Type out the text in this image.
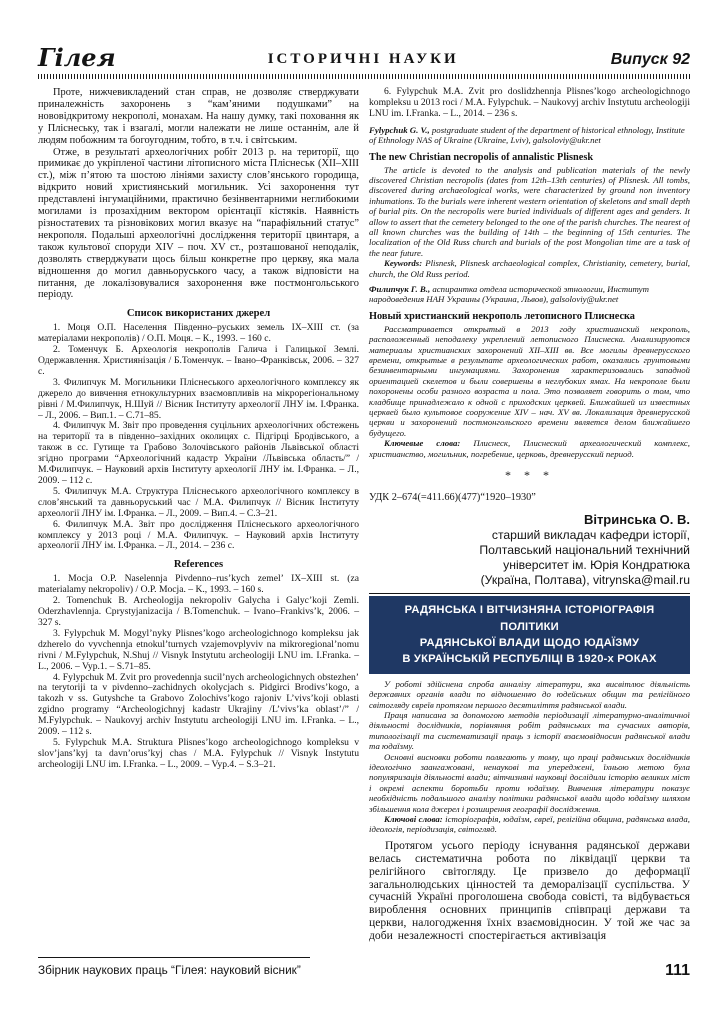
Гілея	ІСТОРИЧНІ НАУКИ	Випуск 92

Проте, нижчевикладений стан справ, не дозволяє стверджувати приналежність захоронень з “кам’яними подушками” на нововідкритому некрополі, монахам. На нашу думку, такі поховання як у Пліснеську, так і взагалі, могли належати не лише останнім, але й людям побожним та богоугодним, тобто, в т.ч. і світським.

Отже, в результаті археологічних робіт 2013 р. на території, що примикає до укріпленої частини літописного міста Пліснеськ (XII–XIII ст.), між п’ятою та шостою лініями захисту слов’янського городища, відкрито новий християнський могильник. Усі захоронення тут представлені інгумаційними, практично безінвентарними неглибокими могилами із прозахідним вектором орієнтації кістяків. Наявність різностатевих та різновікових могил вказує на “парафіяльний статус” некрополя. Подальші археологічні дослідження території цвинтаря, а також культової споруди XIV – поч. XV ст., розташованої неподалік, дозволять стверджувати щось більш конкретне про церкву, яка мала відношення до могил давньоруського часу, а також відповісти на питання, де локалізовувалися захоронення вже постмонгольського періоду.

Список використаних джерел

1. Моця О.П. Населення Південно–руських земель IX–XIII ст. (за матеріалами некрополів) / О.П. Моця. – К., 1993. – 160 с.

2. Томенчук Б. Археологія некрополів Галича і Галицької Землі. Одержавлення. Християнізація / Б.Томенчук. – Івано–Франківськ, 2006. – 327 с.

3. Филипчук М. Могильники Пліснеського археологічного комплексу як джерело до вивчення етнокультурних взаємовпливів на мікрорегіональному рівні / М.Филипчук, Н.Шуй // Вісник Інституту археології ЛНУ ім. І.Франка. – Л., 2006. – Вип.1. – С.71–85.

4. Филипчук М. Звіт про проведення суцільних археологічних обстежень на території та в південно–західних околицях с. Підгірці Бродівського, а також в сс. Гутище та Грабово Золочівського районів Львівської області згідно програми “Археологічний кадастр України /Львівська область/” / М.Филипчук. – Науковий архів Інституту археології ЛНУ ім. І.Франка. – Л., 2009. – 112 с.

5. Филипчук М.А. Структура Пліснеського археологічного комплексу в слов’янський та давньоруський час / М.А. Филипчук // Вісник Інституту археології ЛНУ ім. І.Франка. – Л., 2009. – Вип.4. – С.3–21.

6. Филипчук М.А. Звіт про дослідження Пліснеського археологічного комплексу у 2013 році / М.А. Филипчук. – Науковий архів Інституту археології ЛНУ ім. І.Франка. – Л., 2014. – 236 с.

References

1. Mocja O.P. Naselennja Pivdenno–rus’kych zemel’ IX–XIII st. (za materialamy nekropoliv) / O.P. Mocja. – K., 1993. – 160 s.

2. Tomenchuk B. Archeologija nekropoliv Galycha i Galyc’koji Zemli. Oderzhavlennja. Cprystyjanizacija / B.Tomenchuk. – Ivano–Frankivs’k, 2006. – 327 s.

3. Fylypchuk M. Mogyl’nyky Plisnes’kogo archeologichnogo kompleksu jak dzherelo do vyvchennja etnokul’turnych vzajemovplyviv na mikroregional’nomu rivni / M.Fylypchuk, N.Shuj // Visnyk Instytutu archeologiji LNU im. I.Franka. – L., 2006. – Vyp.1. – S.71–85.

4. Fylypchuk M. Zvit pro provedennja sucil’nych archeologichnych obstezhen’ na terytoriji ta v pivdenno–zachidnych okolycjach s. Pidgirci Brodivs’kogo, a takozh v ss. Gutyshche ta Grabovo Zolochivs’kogo rajoniv L’vivs’koji oblasti zgidno programy “Archeologichnyj kadastr Ukrajiny /L’vivs’ka oblast’/” / M.Fylypchuk. – Naukovyj archiv Instytutu archeologiji LNU im. I.Franka. – L., 2009. – 112 s.

5. Fylypchuk M.A. Struktura Plisnes’kogo archeologichnogo kompleksu v slov’jans’kyj ta davn’orus’kyj chas / M.A. Fylypchuk // Visnyk Instytutu archeologiji LNU im. I.Franka. – L., 2009. – Vyp.4. – S.3–21.

6. Fylypchuk M.A. Zvit pro doslidzhennja Plisnes’kogo archeologichnogo kompleksu u 2013 roci / M.A. Fylypchuk. – Naukovyj archiv Instytutu archeologiji LNU im. I.Franka. – L., 2014. – 236 s.

Fylypchuk G. V., postgraduate student of the department of historical ethnology, Institute of Ethnology NAS of Ukraine (Ukraine, Lviv), galsoloviy@ukr.net
The new Christian necropolis of annalistic Plisnesk

The article is devoted to the analysis and publication materials of the newly discovered Christian necropolis (dates from 12th–13th centuries) of Plisnesk. All tombs, discovered during archaeological works, were characterized by ground non inventory inhumations. To the burials were inherent western orientation of skeletons and small depth of burial pits. On the necropolis were buried individuals of different ages and genders. It allow to assert that the cemetery belonged to the one of the parish churches. The nearest of all known churches was the building of 14th – the beginning of 15th centuries. The localization of the Old Russ church and burials of the post Mongolian time are a task of the near future.

Keywords: Plisnesk, Plisnesk archaeological complex, Christianity, cemetery, burial, church, the Old Russ period.

Филипчук Г. В., аспирантка отдела исторической этнологии, Институт народоведения НАН Украины (Украина, Львов), galsoloviy@ukr.net
Новый христианский некрополь летописного Плиснеска

Рассматривается открытый в 2013 году христианский некрополь, расположенный неподалеку укреплений летописного Плиснеска. Анализируются материалы христианских захоронений XII–XIII вв. Все могилы древнерусского времени, открытые в результате археологических работ, оказались грунтовыми безинвентарными ингумациями. Захоронения характеризовались западной ориентацией скелетов и были совершены в неглубоких ямах. На некрополе были похоронены особи разного возраста и пола. Это позволяет говорить о том, что кладбище принадлежало к одной с приходских церквей. Ближайшей из известных церквей было культовое сооружение XIV – нач. XV вв. Локализация древнерусской церкви и захоронений постмонгольского времени является делом ближайшего будущего.

Ключевые слова: Плиснеск, Плиснеский археологический комплекс, христианство, могильник, погребение, церковь, древнерусский период.

* * *
УДК 2–674(=411.66)(477)“1920–1930”
Вітринська О. В.
старший викладач кафедри історії,
Полтавський національний технічний
університет ім. Юрія Кондратюка
(Україна, Полтава), vitrynska@mail.ru
РАДЯНСЬКА І ВІТЧИЗНЯНА ІСТОРІОГРАФІЯ ПОЛІТИКИ
РАДЯНСЬКОЇ ВЛАДИ ЩОДО ЮДАЇЗМУ
В УКРАЇНСЬКІЙ РЕСПУБЛІЦІ В 1920-х РОКАХ

У роботі здійснена спроба анналізу літератури, яка висвітлює діяльність державних органів влади по відношенню до юдейських общин та релігійного світогляду євреїв протягом першого десятиліття радянської влади.

Праця написана за допомогою методів періодизації літературно-аналітичної діяльності дослідників, порівняння робіт радянських та сучасних авторів, типологізації та систематизації праць з історії взаємовідносин радянської влади та юдаїзму.

Основні висновки роботи полягають у тому, що праці радянських дослідників ідеологічно заангажовані, ненаукові та упереджені, їхньою метою була популяризація діяльності влади; вітчизняні науковці дослідили історію великих міст і окремі аспекти боротьби проти юдаїзму. Вивчення літератури показує необхідність подальшого аналізу політики радянської влади щодо юдаїзму шляхом збільшення кола джерел і розширення географії дослідження.

Ключові слова: історіографія, юдаїзм, євреї, релігійна община, радянська влада, ідеологія, періодизація, світогляд.

Протягом усього періоду існування радянської держави велась систематична робота по ліквідації церкви та релігійного світогляду. Це призвело до деформації загальнолюдських цінностей та деморалізації суспільства. У сучасній Україні проголошена свобода совісті, та відбувається вироблення основних принципів співпраці держави та церкви, налогодження їхніх взаємовідносин. У той же час за доби незалежності спостерігається активізація

Збірник наукових праць “Гілея: науковий вісник”	111
